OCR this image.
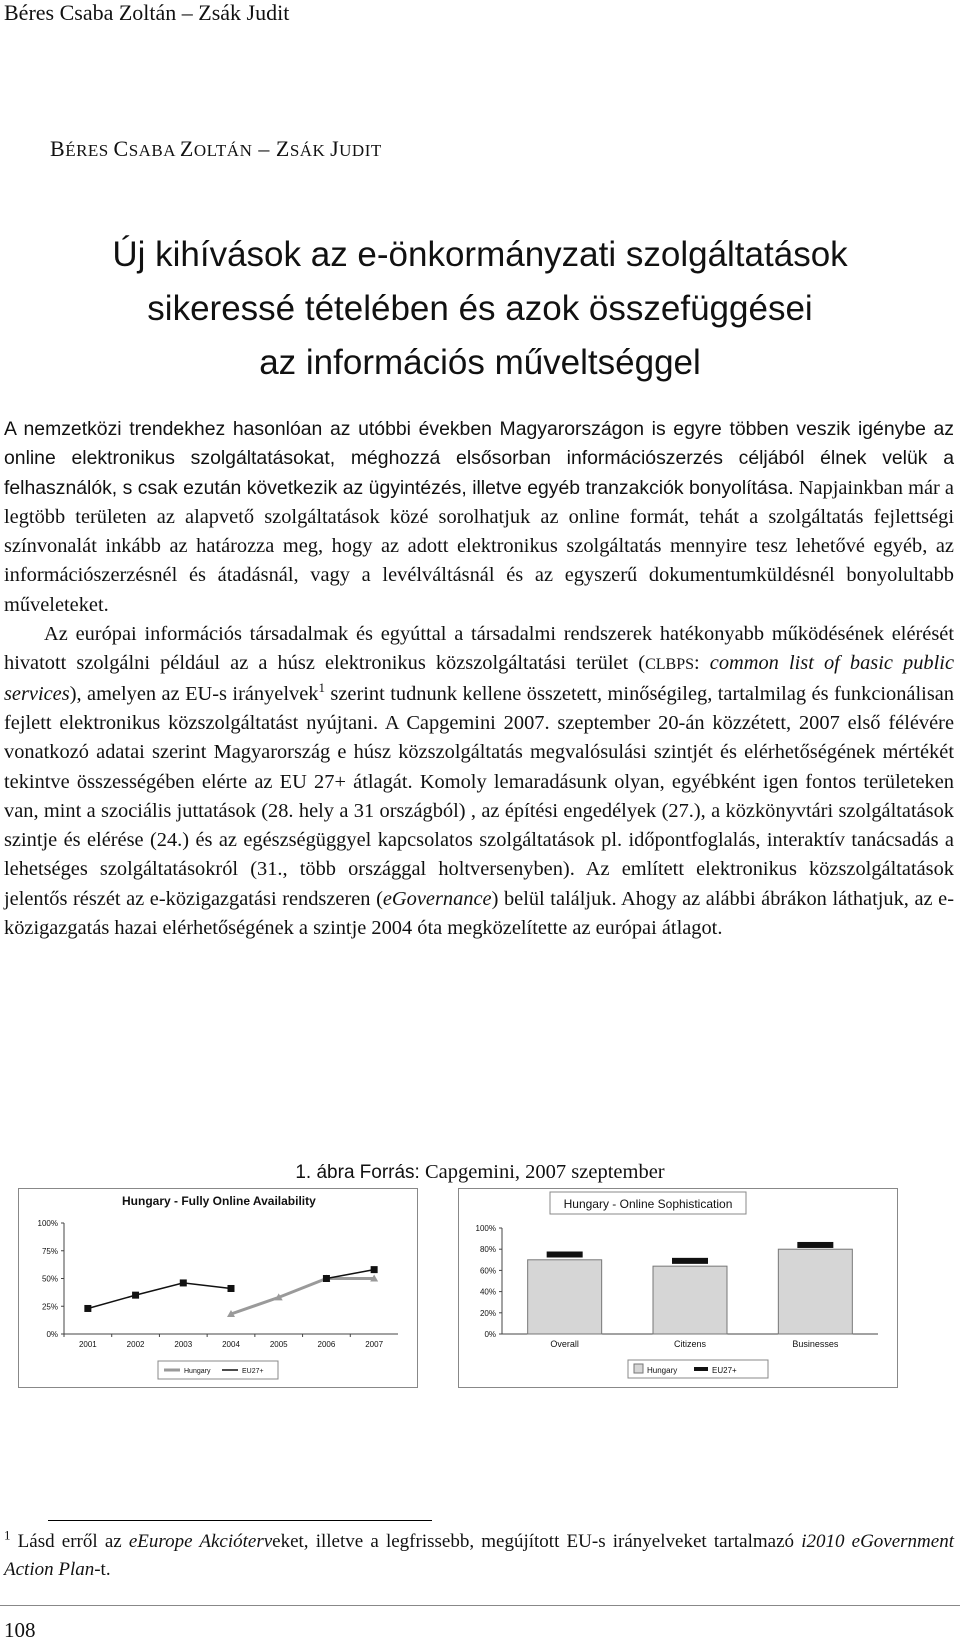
Béres Csaba Zoltán – Zsák Judit
BÉRES CSABA ZOLTÁN – ZSÁK JUDIT
Új kihívások az e-önkormányzati szolgáltatások
sikeressé tételében és azok összefüggései
az információs műveltséggel

A nemzetközi trendekhez hasonlóan az utóbbi években Magyarországon is egyre többen veszik igénybe az online elektronikus szolgáltatásokat, méghozzá elsősorban információszerzés céljából élnek velük a felhasználók, s csak ezután következik az ügyintézés, illetve egyéb tranzakciók bonyolítása. Napjainkban már a legtöbb területen az alapvető szolgáltatások közé sorolhatjuk az online formát, tehát a szolgáltatás fejlettségi színvonalát inkább az határozza meg, hogy az adott elektronikus szolgáltatás mennyire tesz lehetővé egyéb, az információszerzésnél és átadásnál, vagy a levélváltásnál és az egyszerű dokumentumküldésnél bonyolultabb műveleteket.

Az európai információs társadalmak és egyúttal a társadalmi rendszerek hatékonyabb működésének elérését hivatott szolgálni például az a húsz elektronikus közszolgáltatási terület (CLBPS: common list of basic public services), amelyen az EU-s irányelvek$^1$ szerint tudnunk kellene összetett, minőségileg, tartalmilag és funkcionálisan fejlett elektronikus közszolgáltatást nyújtani. A Capgemini 2007. szeptember 20-án közzétett, 2007 első félévére vonatkozó adatai szerint Magyarország e húsz közszolgáltatás megvalósulási szintjét és elérhetőségének mértékét tekintve összességében elérte az EU 27+ átlagát. Komoly lemaradásunk olyan, egyébként igen fontos területeken van, mint a szociális juttatások (28. hely a 31 országból) , az építési engedélyek (27.), a közkönyvtári szolgáltatások szintje és elérése (24.) és az egészségüggyel kapcsolatos szolgáltatások pl. időpontfoglalás, interaktív tanácsadás a lehetséges szolgáltatásokról (31., több országgal holtversenyben). Az említett elektronikus közszolgáltatások jelentős részét az e-közigazgatási rendszeren (eGovernance) belül találjuk. Ahogy az alábbi ábrákon láthatjuk, az e-közigazgatás hazai elérhetőségének a szintje 2004 óta megközelítette az európai átlagot.

1. ábra Forrás: Capgemini, 2007 szeptember
Hungary - Fully Online Availability
0%
25%
50%
75%
100%
2001	2002	2003	2004	2005	2006	2007
Hungary	EU27+
Hungary - Online Sophistication
0%
20%
40%
60%
80%
100%
Overall	Citizens	Businesses
Hungary	EU27+
$^1$ Lásd erről az eEurope Akcióterveket, illetve a legfrissebb, megújított EU-s irányelveket tartalmazó i2010 eGovernment Action Plan-t.
108
